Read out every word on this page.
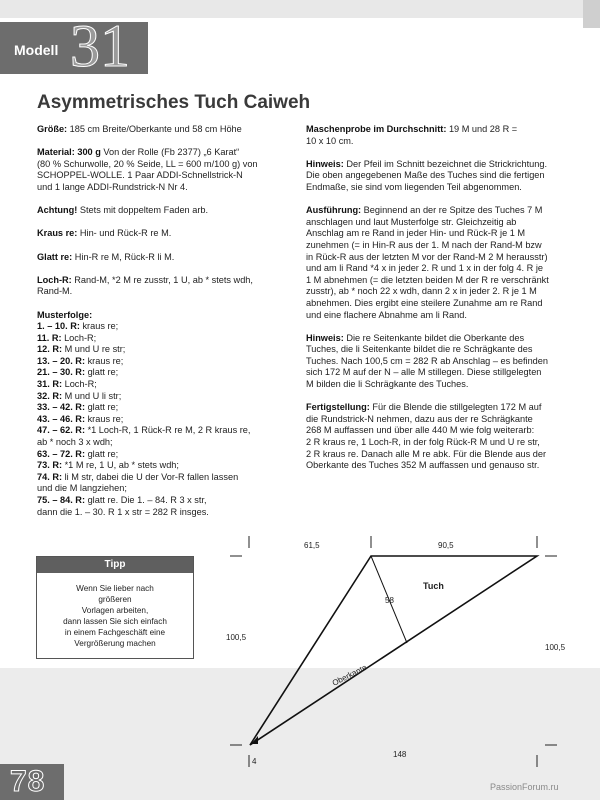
Modell 31
Asymmetrisches Tuch Caiweh

Größe: 185 cm Breite/Oberkante und 58 cm Höhe

Material: 300 g Von der Rolle (Fb 2377) „6 Karat“
(80 % Schurwolle, 20 % Seide, LL = 600 m/100 g) von
SCHOPPEL-WOLLE. 1 Paar ADDI-Schnellstrick-N
und 1 lange ADDI-Rundstrick-N Nr 4.

Achtung! Stets mit doppeltem Faden arb.

Kraus re: Hin- und Rück-R re M.

Glatt re: Hin-R re M, Rück-R li M.

Loch-R: Rand-M, *2 M re zusstr, 1 U, ab * stets wdh,
Rand-M.

Musterfolge:

1. – 10. R: kraus re;

11. R: Loch-R;

12. R: M und U re str;

13. – 20. R: kraus re;

21. – 30. R: glatt re;

31. R: Loch-R;

32. R: M und U li str;

33. – 42. R: glatt re;

43. – 46. R: kraus re;

47. – 62. R: *1 Loch-R, 1 Rück-R re M, 2 R kraus re,

ab * noch 3 x wdh;

63. – 72. R: glatt re;

73. R: *1 M re, 1 U, ab * stets wdh;

74. R: li M str, dabei die U der Vor-R fallen lassen

und die M langziehen;

75. – 84. R: glatt re. Die 1. – 84. R 3 x str,

dann die 1. – 30. R 1 x str = 282 R insges.

Maschenprobe im Durchschnitt: 19 M und 28 R =
10 x 10 cm.

Hinweis: Der Pfeil im Schnitt bezeichnet die Strickrichtung.
Die oben angegebenen Maße des Tuches sind die fertigen
Endmaße, sie sind vom liegenden Teil abgenommen.

Ausführung: Beginnend an der re Spitze des Tuches 7 M
anschlagen und laut Musterfolge str. Gleichzeitig ab
Anschlag am re Rand in jeder Hin- und Rück-R je 1 M
zunehmen (= in Hin-R aus der 1. M nach der Rand-M bzw
in Rück-R aus der letzten M vor der Rand-M 2 M herausstr)
und am li Rand *4 x in jeder 2. R und 1 x in der folg 4. R je
1 M abnehmen (= die letzten beiden M der R re verschränkt
zusstr), ab * noch 22 x wdh, dann 2 x in jeder 2. R je 1 M
abnehmen. Dies ergibt eine steilere Zunahme am re Rand
und eine flachere Abnahme am li Rand.

Hinweis: Die re Seitenkante bildet die Oberkante des
Tuches, die li Seitenkante bildet die re Schrägkante des
Tuches. Nach 100,5 cm = 282 R ab Anschlag – es befinden
sich 172 M auf der N – alle M stillegen. Diese stillgelegten
M bilden die li Schrägkante des Tuches.

Fertigstellung: Für die Blende die stillgelegten 172 M auf
die Rundstrick-N nehmen, dazu aus der re Schrägkante
268 M auffassen und über alle 440 M wie folg weiterarb:
2 R kraus re, 1 Loch-R, in der folg Rück-R M und U re str,
2 R kraus re. Danach alle M re abk. Für die Blende aus der
Oberkante des Tuches 352 M auffassen und genauso str.

Tipp
Wenn Sie lieber nach
größeren
Vorlagen arbeiten,
dann lassen Sie sich einfach
in einem Fachgeschäft eine
Vergrößerung machen
61,5	90,5
Tuch
58
100,5
100,5
Oberkante
148
4
78	PassionForum.ru
